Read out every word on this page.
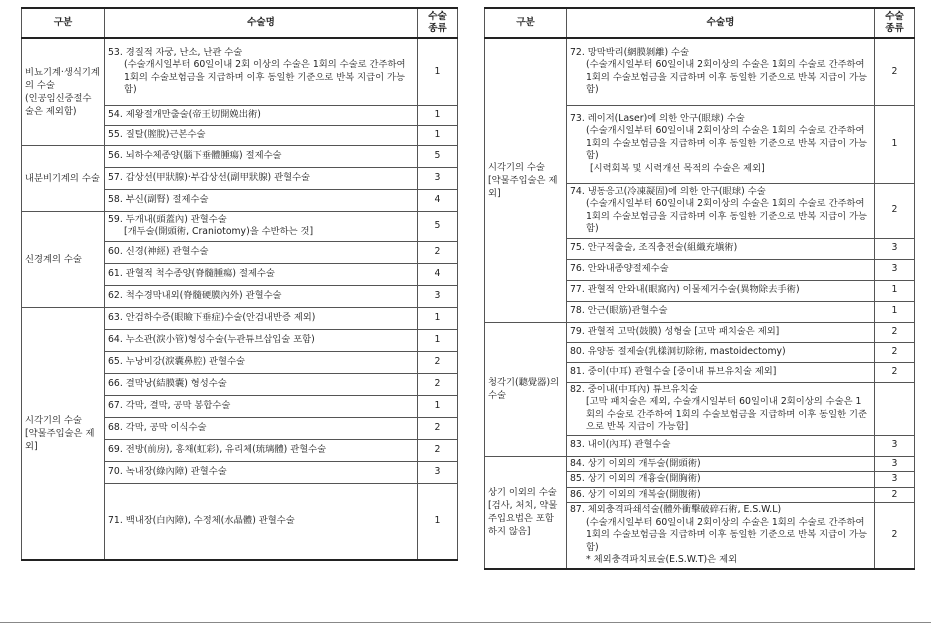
구분	수술명	수술
종류
비뇨기계·생식기계의 수술
(인공임신중절수술은 제외함)	53. 경질적 자궁, 난소, 난관 수술
(수술개시일부터 60일이내 2회 이상의 수술은 1회의 수술로 간주하여 1회의 수술보험금을 지급하며 이후 동일한 기준으로 반복 지급이 가능함)	1
	54. 제왕절개만출술(帝王切開娩出術)	1
	55. 질탈(膣脫)근본수술	1
내분비기계의 수술	56. 뇌하수체종양(腦下垂體腫瘍) 절제수술	5
	57. 갑상선(甲狀腺)·부갑상선(副甲狀腺) 관혈수술	3
	58. 부신(副腎) 절제수술	4
신경계의 수술	59. 두개내(頭蓋內) 관혈수술
[개두술(開頭術, Craniotomy)을 수반하는 것]	5
	60. 신경(神經) 관혈수술	2
	61. 관혈적 척수종양(脊髓腫瘍) 절제수술	4
	62. 척수경막내외(脊髓硬膜內外) 관혈수술	3
시각기의 수술
[약물주입술은 제외]	63. 안검하수증(眼瞼下垂症)수술(안검내반증 제외)	1
	64. 누소관(淚小管)형성수술(누관튜브삽입술 포함)	1
	65. 누낭비강(淚囊鼻腔) 관혈수술	2
	66. 결막낭(結膜囊) 형성수술	2
	67. 각막, 결막, 공막 봉합수술	1
	68. 각막, 공막 이식수술	2
	69. 전방(前房), 홍채(虹彩), 유리체(琉璃體) 관혈수술	2
	70. 녹내장(綠內障) 관혈수술	3
	71. 백내장(白內障), 수정체(水晶體) 관혈수술	1
구분	수술명	수술
종류
시각기의 수술
[약물주입술은 제외]	72. 망막박리(網膜剝離) 수술
(수술개시일부터 60일이내 2회이상의 수술은 1회의 수술로 간주하여 1회의 수술보험금을 지급하며 이후 동일한 기준으로 반복 지급이 가능함)	2
	73. 레이저(Laser)에 의한 안구(眼球) 수술
(수술개시일부터 60일이내 2회이상의 수술은 1회의 수술로 간주하여 1회의 수술보험금을 지급하며 이후 동일한 기준으로 반복 지급이 가능함)
[시력회복 및 시력개선 목적의 수술은 제외]	1
	74. 냉동응고(冷凍凝固)에 의한 안구(眼球) 수술
(수술개시일부터 60일이내 2회이상의 수술은 1회의 수술로 간주하여 1회의 수술보험금을 지급하며 이후 동일한 기준으로 반복 지급이 가능함)	2
	75. 안구적출술, 조직충전술(組織充塡術)	3
	76. 안와내종양절제수술	3
	77. 관혈적 안와내(眼窩內) 이물제거수술(異物除去手術)	1
	78. 안근(眼筋)관혈수술	1
청각기(聽覺器)의 수술	79. 관혈적 고막(鼓膜) 성형술 [고막 패치술은 제외]	2
	80. 유양동 절제술(乳樣洞切除術, mastoidectomy)	2
	81. 중이(中耳) 관혈수술 [중이내 튜브유치술 제외]	2
	82. 중이내(中耳內) 튜브유치술
[고막 패치술은 제외, 수술개시일부터 60일이내 2회이상의 수술은 1회의 수술로 간주하여 1회의 수술보험금을 지급하며 이후 동일한 기준으로 반복 지급이 가능함]	

	83. 내이(內耳) 관혈수술	3
상기 이외의 수술
[검사, 처치, 약물주입요법은 포함하지 않음]	84. 상기 이외의 개두술(開頭術)	3
	85. 상기 이외의 개흉술(開胸術)	3
	86. 상기 이외의 개복술(開腹術)	2
	87. 체외충격파쇄석술(體外衝擊破碎石術, E.S.W.L)
(수술개시일부터 60일이내 2회이상의 수술은 1회의 수술로 간주하여 1회의 수술보험금을 지급하며 이후 동일한 기준으로 반복 지급이 가능함)
* 체외충격파치료술(E.S.W.T)은 제외	2
